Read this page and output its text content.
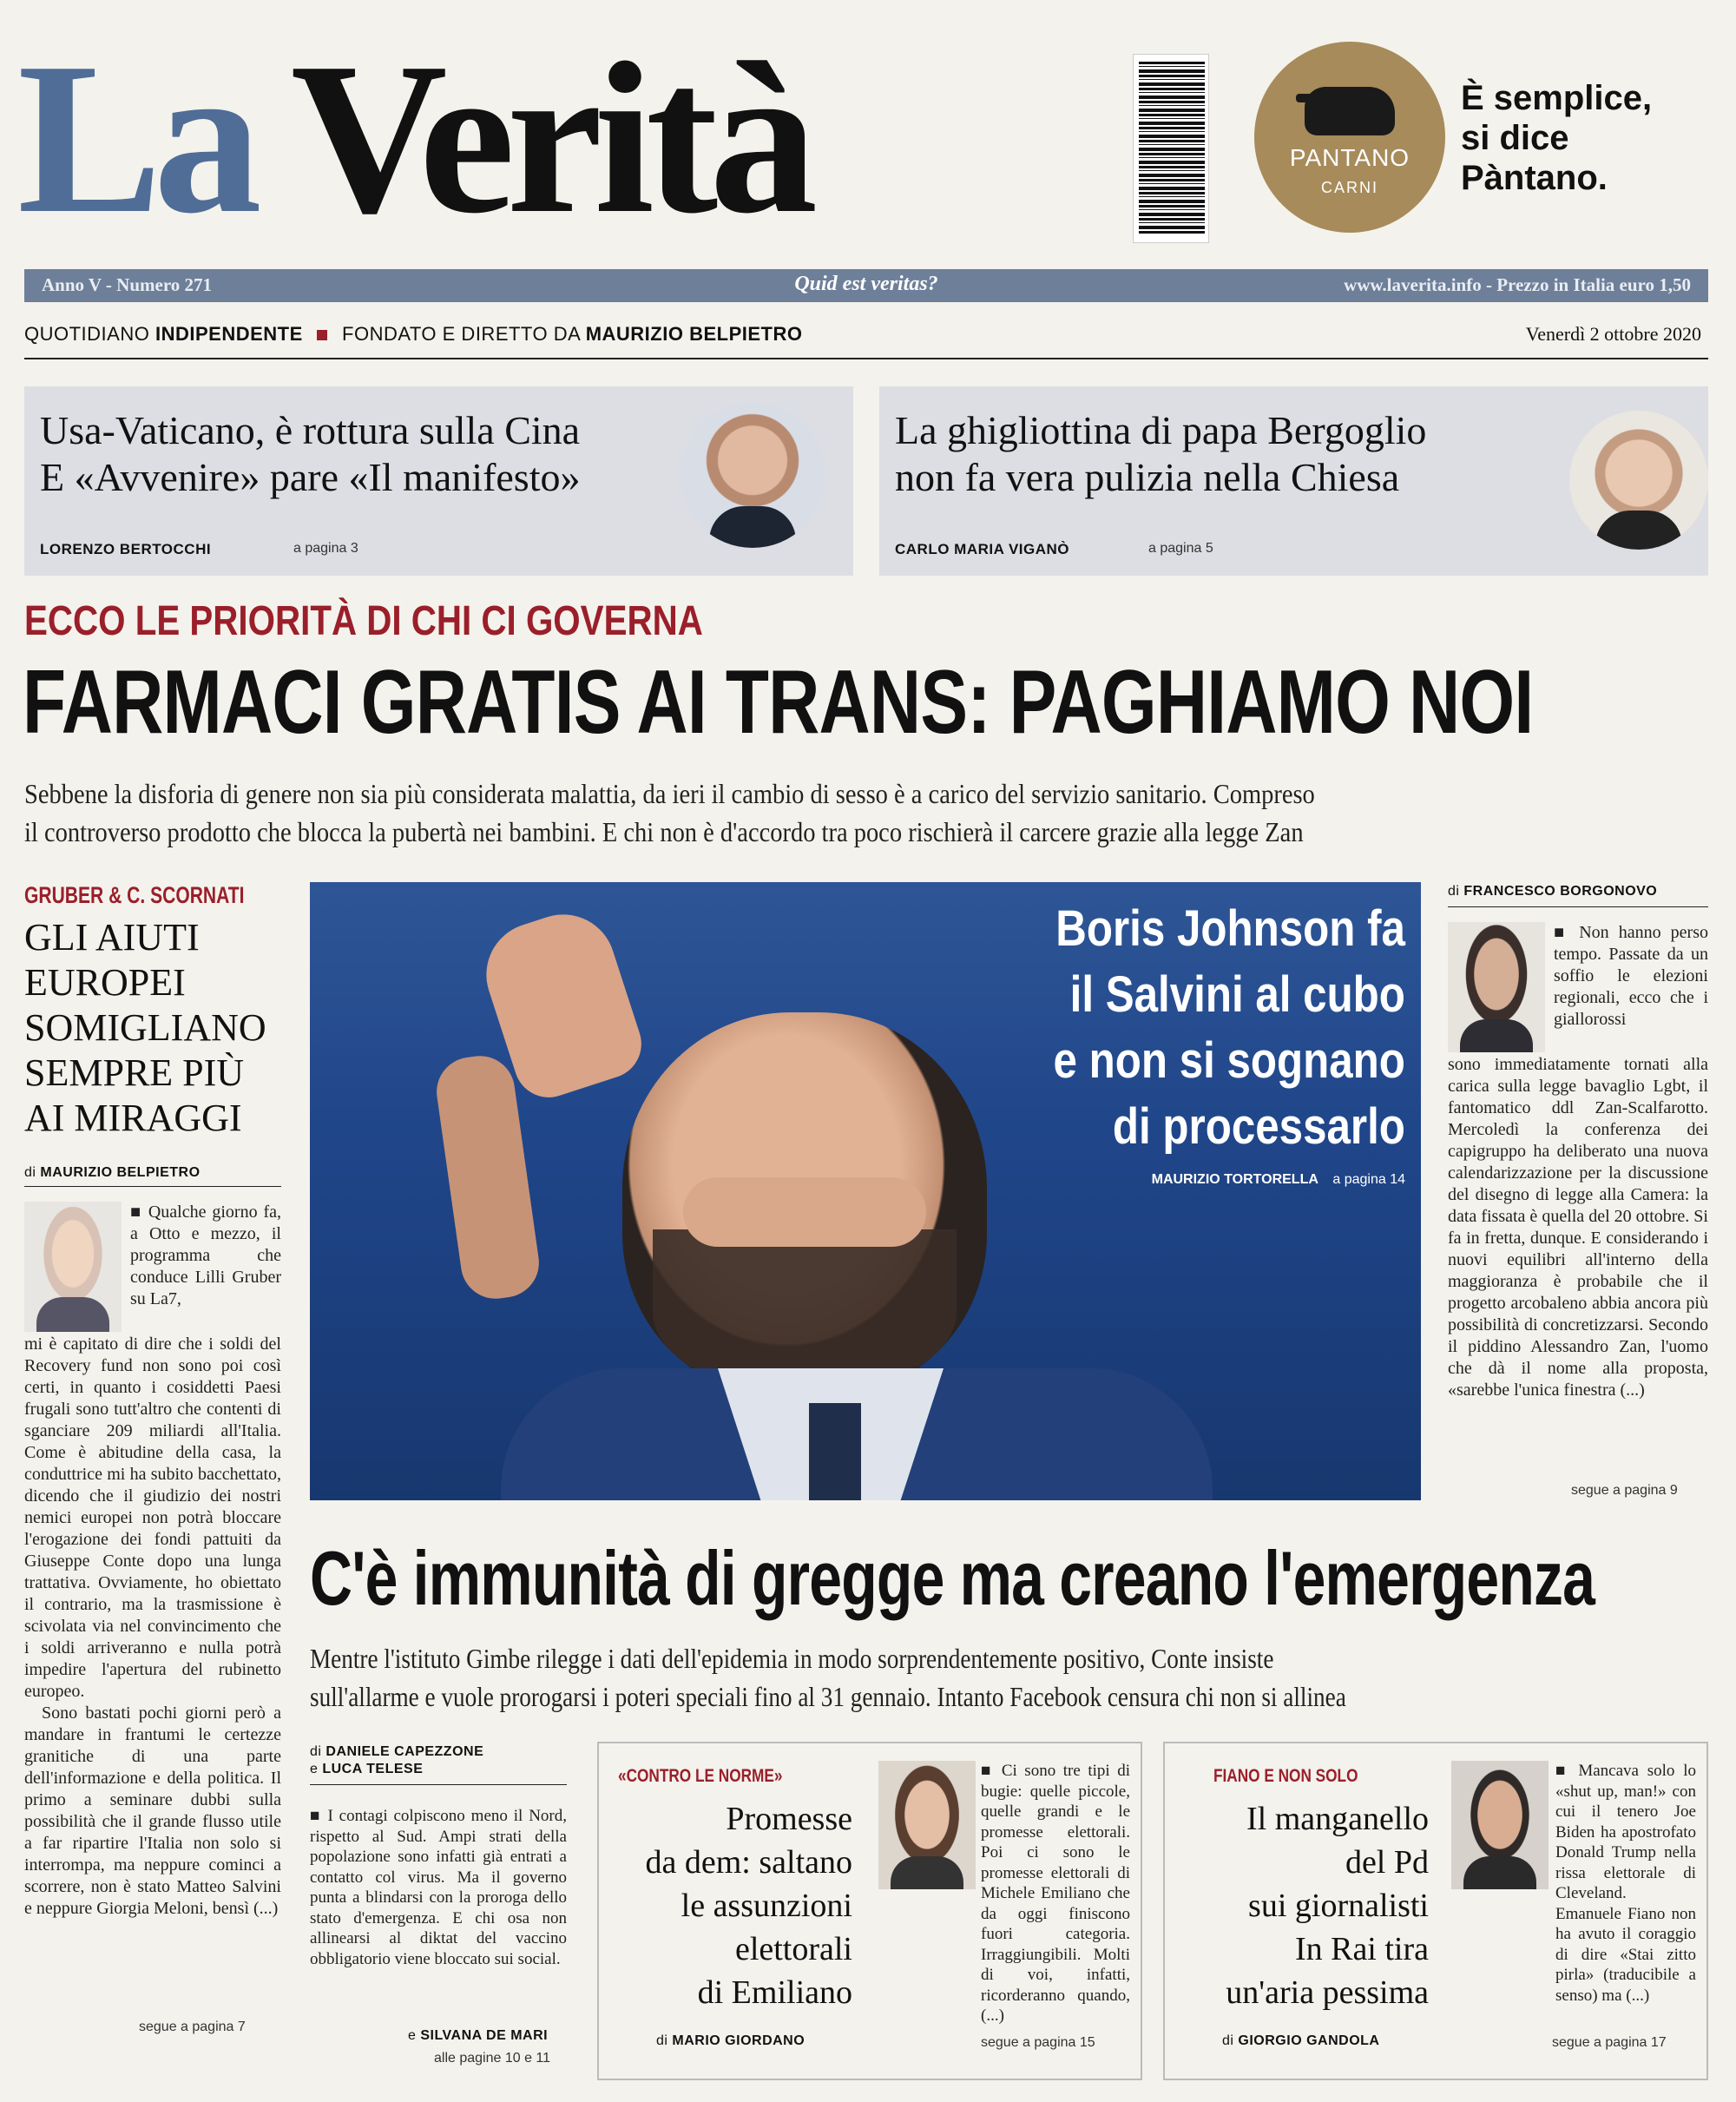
La Verità	PANTANO
CARNI
È semplice,
si dice
Pàntano.
Anno V - Numero 271	Quid est veritas?	www.laverita.info - Prezzo in Italia euro 1,50
QUOTIDIANO INDIPENDENTE FONDATO E DIRETTO DA MAURIZIO BELPIETRO	Venerdì 2 ottobre 2020
Usa-Vaticano, è rottura sulla Cina
E «Avvenire» pare «Il manifesto»
LORENZO BERTOCCHI	a pagina 3
La ghigliottina di papa Bergoglio
non fa vera pulizia nella Chiesa
CARLO MARIA VIGANÒ	a pagina 5
ECCO LE PRIORITÀ DI CHI CI GOVERNA
FARMACI GRATIS AI TRANS: PAGHIAMO NOI
Sebbene la disforia di genere non sia più considerata malattia, da ieri il cambio di sesso è a carico del servizio sanitario. Compreso
il controverso prodotto che blocca la pubertà nei bambini. E chi non è d'accordo tra poco rischierà il carcere grazie alla legge Zan
GRUBER & C. SCORNATI
GLI AIUTI
EUROPEI
SOMIGLIANO
SEMPRE PIÙ
AI MIRAGGI
di MAURIZIO BELPIETRO
■ Qualche giorno fa, a Otto e mezzo, il programma che conduce Lilli Gruber su La7,

mi è capitato di dire che i soldi del Recovery fund non sono poi così certi, in quanto i cosiddetti Paesi frugali sono tutt'altro che contenti di sganciare 209 miliardi all'Italia. Come è abitudine della casa, la conduttrice mi ha subito bacchettato, dicendo che il giudizio dei nostri nemici europei non potrà bloccare l'erogazione dei fondi pattuiti da Giuseppe Conte dopo una lunga trattativa. Ovviamente, ho obiettato il contrario, ma la trasmissione è scivolata via nel convincimento che i soldi arriveranno e nulla potrà impedire l'apertura del rubinetto europeo.

Sono bastati pochi giorni però a mandare in frantumi le certezze granitiche di una parte dell'informazione e della politica. Il primo a seminare dubbi sulla possibilità che il grande flusso utile a far ripartire l'Italia non solo si interrompa, ma neppure cominci a scorrere, non è stato Matteo Salvini e neppure Giorgia Meloni, bensì (...)

segue a pagina 7
Boris Johnson fa
il Salvini al cubo
e non si sognano
di processarlo
MAURIZIO TORTORELLA a pagina 14
di FRANCESCO BORGONOVO
■ Non hanno perso tempo. Passate da un soffio le elezioni regionali, ecco che i giallorossi
sono immediatamente tornati alla carica sulla legge bavaglio Lgbt, il fantomatico ddl Zan-Scalfarotto. Mercoledì la conferenza dei capigruppo ha deliberato una nuova calendarizzazione per la discussione del disegno di legge alla Camera: la data fissata è quella del 20 ottobre. Si fa in fretta, dunque. E considerando i nuovi equilibri all'interno della maggioranza è probabile che il progetto arcobaleno abbia ancora più possibilità di concretizzarsi. Secondo il piddino Alessandro Zan, l'uomo che dà il nome alla proposta, «sarebbe l'unica finestra (...)
segue a pagina 9
C'è immunità di gregge ma creano l'emergenza
Mentre l'istituto Gimbe rilegge i dati dell'epidemia in modo sorprendentemente positivo, Conte insiste
sull'allarme e vuole prorogarsi i poteri speciali fino al 31 gennaio. Intanto Facebook censura chi non si allinea
di DANIELE CAPEZZONE
e LUCA TELESE
■ I contagi colpiscono meno il Nord, rispetto al Sud. Ampi strati della popolazione sono infatti già entrati a contatto col virus. Ma il governo punta a blindarsi con la proroga dello stato d'emergenza. E chi osa non allinearsi al diktat del vaccino obbligatorio viene bloccato sui social.
e SILVANA DE MARI
alle pagine 10 e 11
«CONTRO LE NORME»
Promesse
da dem: saltano
le assunzioni
elettorali
di Emiliano
di MARIO GIORDANO
■ Ci sono tre tipi di bugie: quelle piccole, quelle grandi e le promesse elettorali. Poi ci sono le promesse elettorali di Michele Emiliano che da oggi finiscono fuori categoria. Irraggiungibili. Molti di voi, infatti, ricorderanno quando, (...)
segue a pagina 15
FIANO E NON SOLO
Il manganello
del Pd
sui giornalisti
In Rai tira
un'aria pessima
di GIORGIO GANDOLA
■ Mancava solo lo «shut up, man!» con cui il tenero Joe Biden ha apostrofato Donald Trump nella rissa elettorale di Cleveland. Emanuele Fiano non ha avuto il coraggio di dire «Stai zitto pirla» (traducibile a senso) ma (...)
segue a pagina 17
